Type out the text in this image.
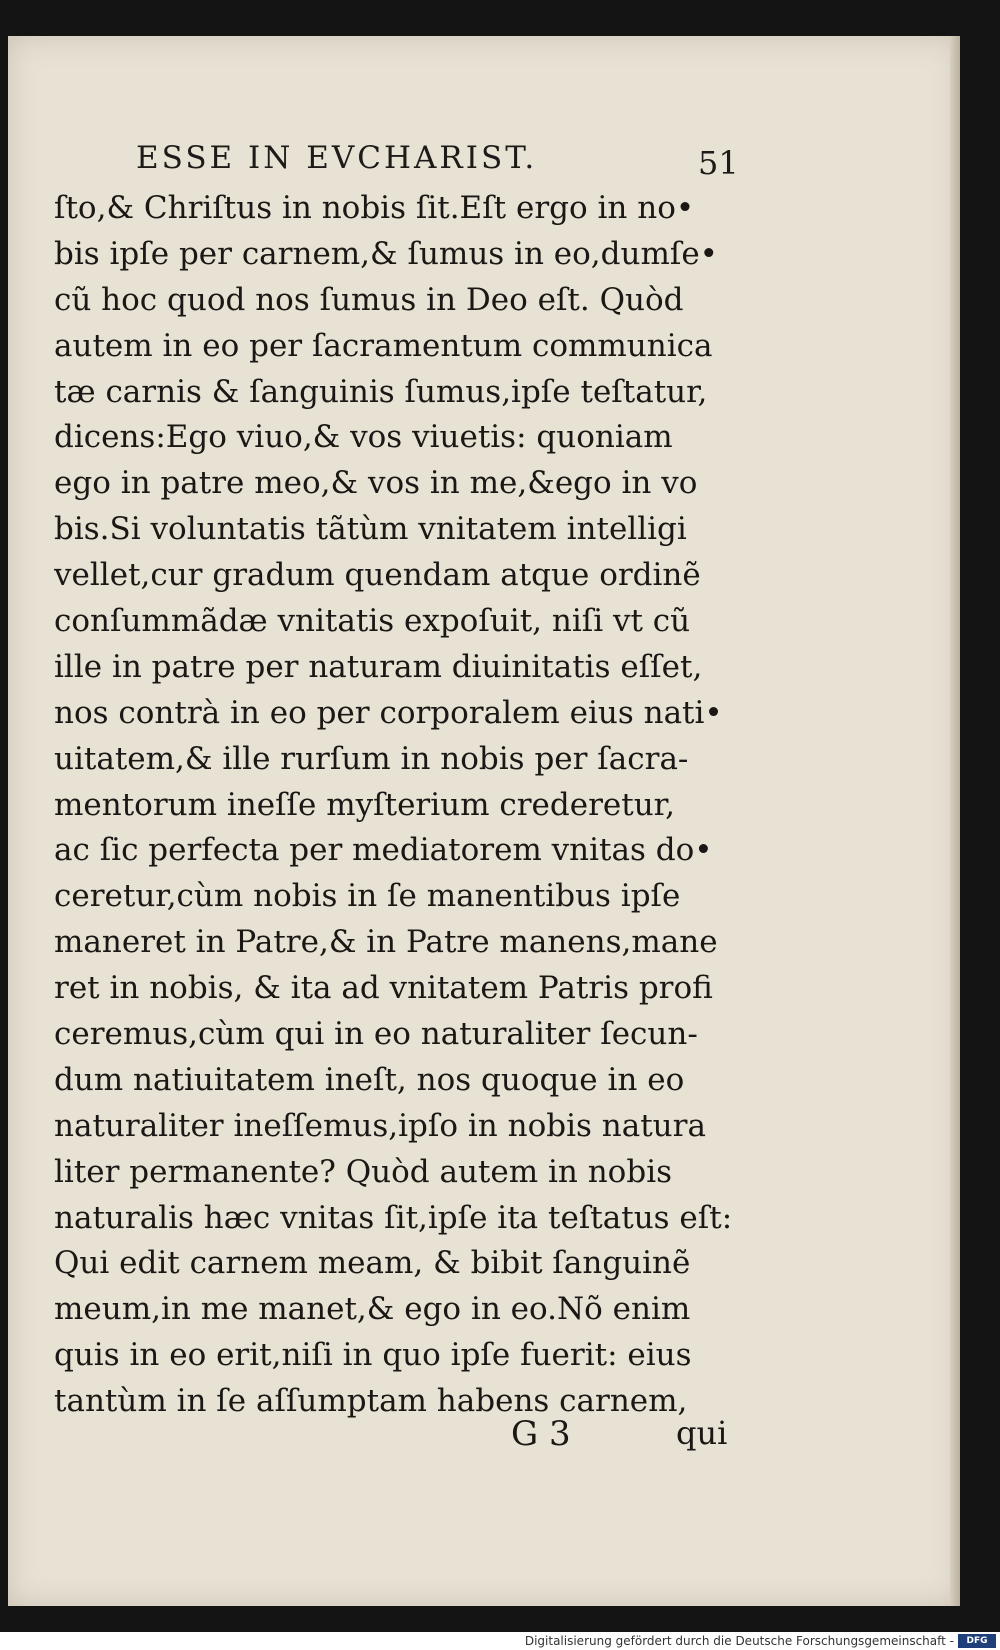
ESSE IN EVCHARIST.	51
ſto,& Chriſtus in nobis ſit.Eſt ergo in no•
bis ipſe per carnem,& ſumus in eo,dumſe•
cũ hoc quod nos ſumus in Deo eſt. Quòd
autem in eo per ſacramentum communica
tæ carnis & ſanguinis ſumus,ipſe teſtatur,
dicens:Ego viuo,& vos viuetis: quoniam
ego in patre meo,& vos in me,&ego in vo
bis.Si voluntatis tãtùm vnitatem intelligi
vellet,cur gradum quendam atque ordinẽ
conſummãdæ vnitatis expoſuit, niſi vt cũ
ille in patre per naturam diuinitatis eſſet,
nos contrà in eo per corporalem eius nati•
uitatem,& ille rurſum in nobis per ſacra-
mentorum ineſſe myſterium crederetur,
ac ſic perfecta per mediatorem vnitas do•
ceretur,cùm nobis in ſe manentibus ipſe
maneret in Patre,& in Patre manens,mane
ret in nobis, & ita ad vnitatem Patris profi
ceremus,cùm qui in eo naturaliter ſecun-
dum natiuitatem ineſt, nos quoque in eo
naturaliter ineſſemus,ipſo in nobis natura
liter permanente? Quòd autem in nobis
naturalis hæc vnitas ſit,ipſe ita teſtatus eſt:
Qui edit carnem meam, & bibit ſanguinẽ
meum,in me manet,& ego in eo.Nõ enim
quis in eo erit,niſi in quo ipſe fuerit: eius
tantùm in ſe aſſumptam habens carnem,
G 3	qui
Digitalisierung gefördert durch die Deutsche Forschungsgemeinschaft -	DFG
